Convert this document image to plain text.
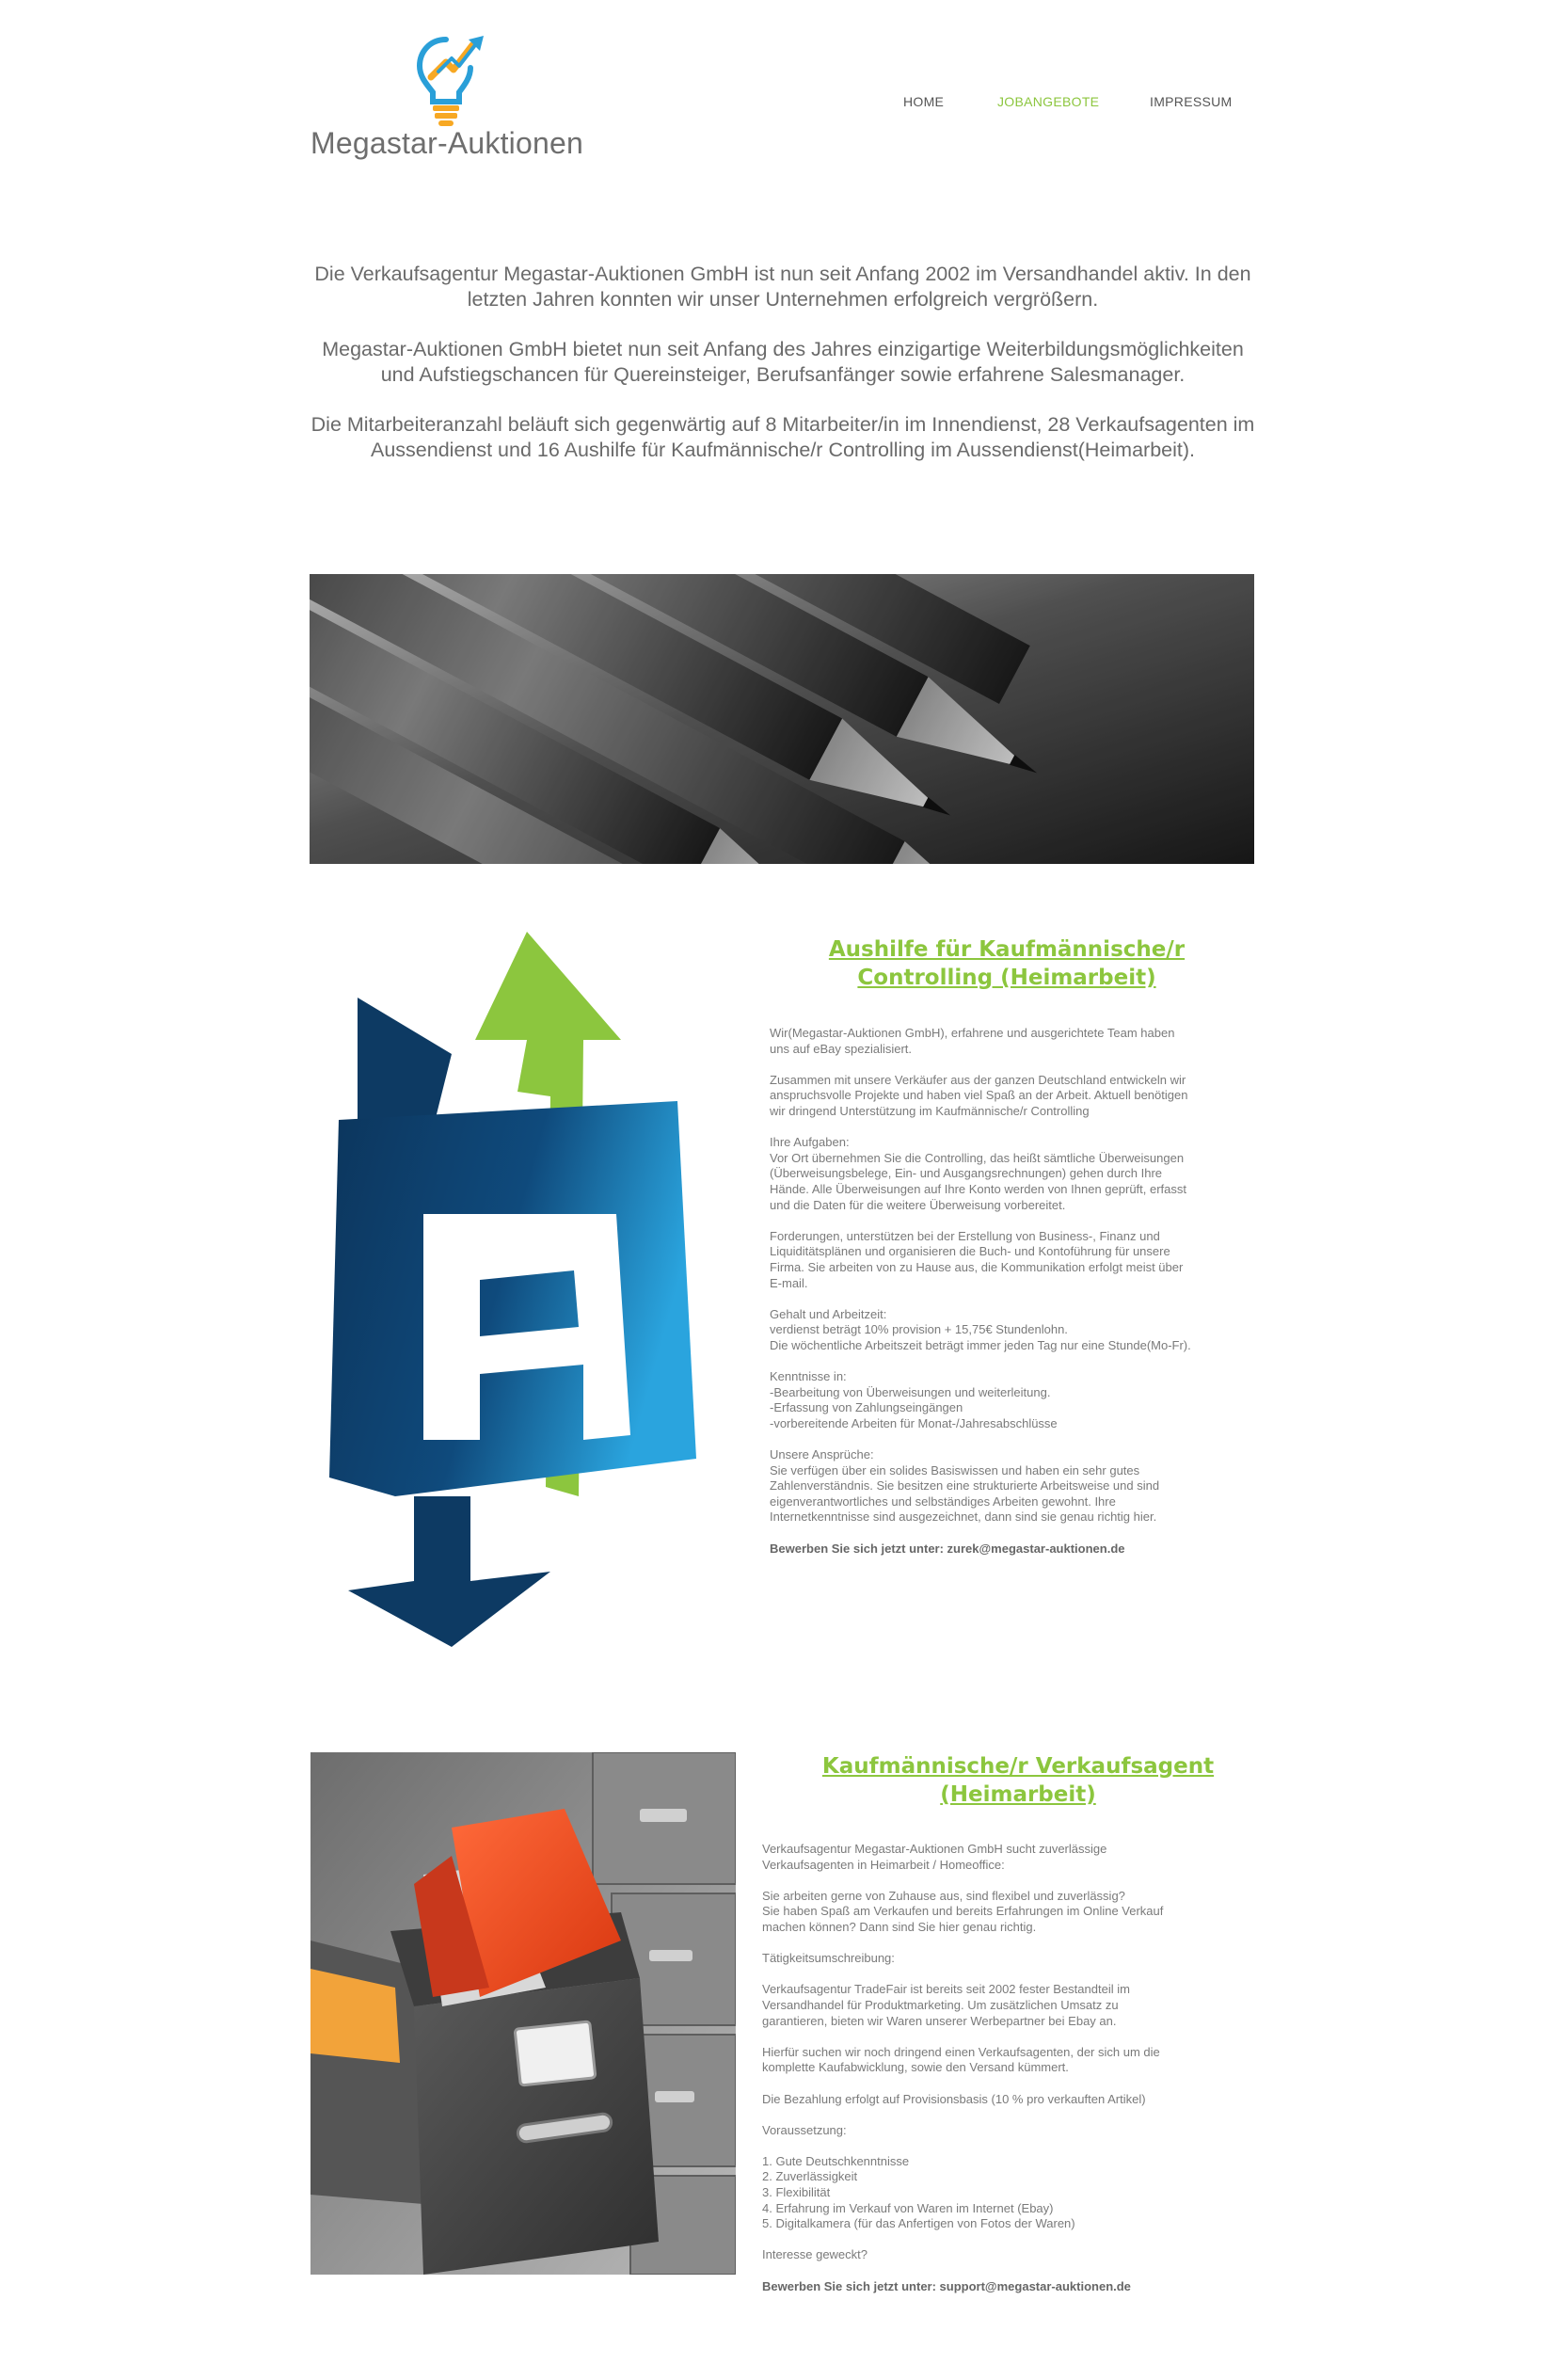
Megastar-Auktionen
HOME	JOBANGEBOTE	IMPRESSUM

Die Verkaufsagentur Megastar-Auktionen GmbH ist nun seit Anfang 2002 im Versandhandel aktiv. In den letzten Jahren konnten wir unser Unternehmen erfolgreich vergrößern.

Megastar-Auktionen GmbH bietet nun seit Anfang des Jahres einzigartige Weiterbildungsmöglichkeiten und Aufstiegschancen für Quereinsteiger, Berufsanfänger sowie erfahrene Salesmanager.

Die Mitarbeiteranzahl beläuft sich gegenwärtig auf 8 Mitarbeiter/in im Innendienst, 28 Verkaufsagenten im Aussendienst und 16 Aushilfe für Kaufmännische/r Controlling im Aussendienst(Heimarbeit).

Aushilfe für Kaufmännische/r
Controlling (Heimarbeit)

Wir(Megastar-Auktionen GmbH), erfahrene und ausgerichtete Team haben
uns auf eBay spezialisiert.

Zusammen mit unsere Verkäufer aus der ganzen Deutschland entwickeln wir
anspruchsvolle Projekte und haben viel Spaß an der Arbeit. Aktuell benötigen
wir dringend Unterstützung im Kaufmännische/r Controlling

Ihre Aufgaben:
Vor Ort übernehmen Sie die Controlling, das heißt sämtliche Überweisungen
(Überweisungsbelege, Ein- und Ausgangsrechnungen) gehen durch Ihre
Hände. Alle Überweisungen auf Ihre Konto werden von Ihnen geprüft, erfasst
und die Daten für die weitere Überweisung vorbereitet.

Forderungen, unterstützen bei der Erstellung von Business-, Finanz und
Liquiditätsplänen und organisieren die Buch- und Kontoführung für unsere
Firma. Sie arbeiten von zu Hause aus, die Kommunikation erfolgt meist über
E-mail.

Gehalt und Arbeitzeit:
verdienst beträgt 10% provision + 15,75€ Stundenlohn.
Die wöchentliche Arbeitszeit beträgt immer jeden Tag nur eine Stunde(Mo-Fr).

Kenntnisse in:
-Bearbeitung von Überweisungen und weiterleitung.
-Erfassung von Zahlungseingängen
-vorbereitende Arbeiten für Monat-/Jahresabschlüsse

Unsere Ansprüche:
Sie verfügen über ein solides Basiswissen und haben ein sehr gutes
Zahlenverständnis. Sie besitzen eine strukturierte Arbeitsweise und sind
eigenverantwortliches und selbständiges Arbeiten gewohnt. Ihre
Internetkenntnisse sind ausgezeichnet, dann sind sie genau richtig hier.

Bewerben Sie sich jetzt unter: zurek@megastar-auktionen.de

Kaufmännische/r Verkaufsagent
(Heimarbeit)

Verkaufsagentur Megastar-Auktionen GmbH sucht zuverlässige
Verkaufsagenten in Heimarbeit / Homeoffice:

Sie arbeiten gerne von Zuhause aus, sind flexibel und zuverlässig?
Sie haben Spaß am Verkaufen und bereits Erfahrungen im Online Verkauf
machen können? Dann sind Sie hier genau richtig.

Tätigkeitsumschreibung:

Verkaufsagentur TradeFair ist bereits seit 2002 fester Bestandteil im
Versandhandel für Produktmarketing. Um zusätzlichen Umsatz zu
garantieren, bieten wir Waren unserer Werbepartner bei Ebay an.

Hierfür suchen wir noch dringend einen Verkaufsagenten, der sich um die
komplette Kaufabwicklung, sowie den Versand kümmert.

Die Bezahlung erfolgt auf Provisionsbasis (10 % pro verkauften Artikel)

Voraussetzung:

1. Gute Deutschkenntnisse
2. Zuverlässigkeit
3. Flexibilität
4. Erfahrung im Verkauf von Waren im Internet (Ebay)
5. Digitalkamera (für das Anfertigen von Fotos der Waren)

Interesse geweckt?

Bewerben Sie sich jetzt unter: support@megastar-auktionen.de
